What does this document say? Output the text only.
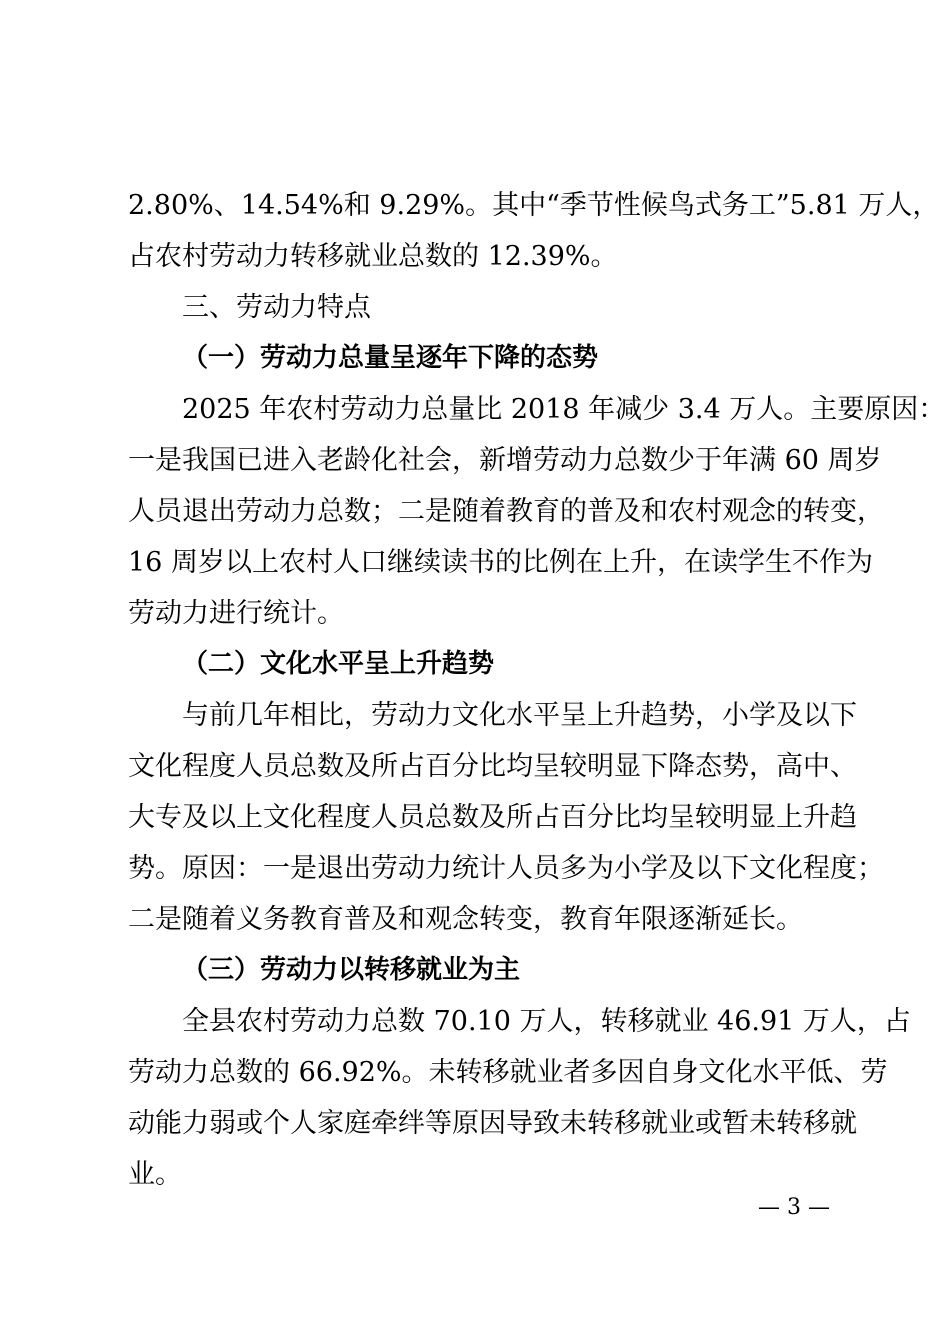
2.80%、14.54%和 9.29%。其中“季节性候鸟式务工”5.81 万人，
占农村劳动力转移就业总数的 12.39%。
三、劳动力特点
（一）劳动力总量呈逐年下降的态势
2025 年农村劳动力总量比 2018 年减少 3.4 万人。主要原因：
一是我国已进入老龄化社会，新增劳动力总数少于年满 60 周岁
人员退出劳动力总数；二是随着教育的普及和农村观念的转变，
16 周岁以上农村人口继续读书的比例在上升，在读学生不作为
劳动力进行统计。
（二）文化水平呈上升趋势
与前几年相比，劳动力文化水平呈上升趋势，小学及以下
文化程度人员总数及所占百分比均呈较明显下降态势，高中、
大专及以上文化程度人员总数及所占百分比均呈较明显上升趋
势。原因：一是退出劳动力统计人员多为小学及以下文化程度；
二是随着义务教育普及和观念转变，教育年限逐渐延长。
（三）劳动力以转移就业为主
全县农村劳动力总数 70.10 万人，转移就业 46.91 万人，占
劳动力总数的 66.92%。未转移就业者多因自身文化水平低、劳
动能力弱或个人家庭牵绊等原因导致未转移就业或暂未转移就
业。
— 3 —
